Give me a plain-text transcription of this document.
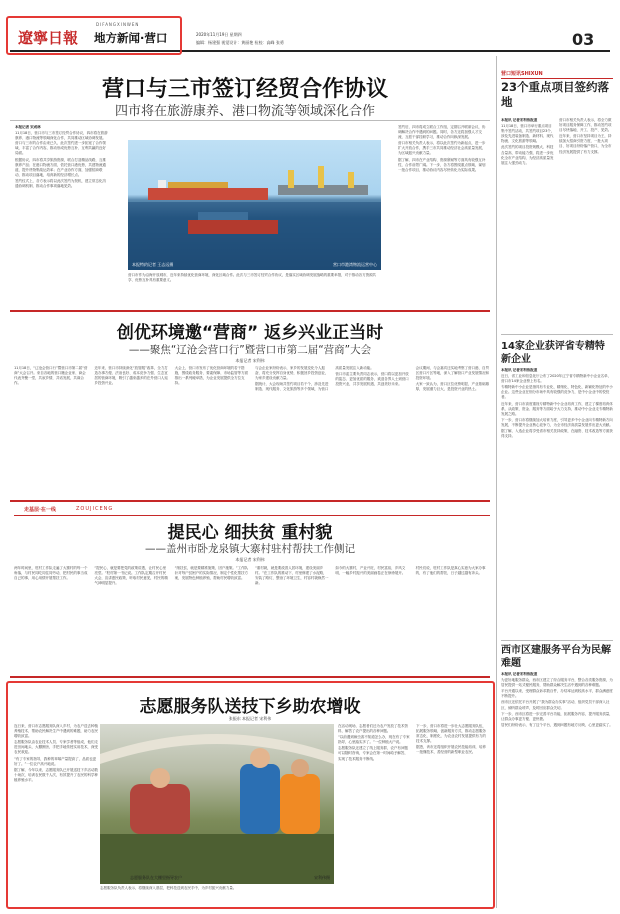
遼寧日報
DIFANGXINWEN
地方新闻·营口	2020年11月19日 星期四
编辑：杨建强 视觉设计：黄丽艳 检校：高峰 张勇	03
营口与三市签订经贸合作协议
四市将在旅游康养、港口物流等领域深化合作

本报记者 宋成林

11月18日，营口市与三市签订经贸合作协议，四市将在旅游康养、港口物流等领域深化合作，共同推动区域协调发展。营口与三市的合作由来已久，此次签约进一步拓宽了合作领域，丰富了合作内容，推动形成优势互补、互利共赢的良好局面。

根据协议，四市将共享旅游资源，联合打造精品线路，互推康养产品；在港口物流方面，依托营口港优势，共建物流通道，提升货物集疏运效率；在产业协作方面，加强招商联动，推动项目落地，培育新的经济增长点。

签约仪式上，各方表示将以此次签约为契机，建立常态化沟通协调机制，推动合作事项落地见效。

营口市港湾物流运营中心
本报特约记者 王志远摄

营口市作为沿海开放城市，近年来持续优化营商环境，深化区域合作。此次与三市签订经贸合作协议，是落实区域协调发展战略的重要举措，对于推动各方资源共享、优势互补具有重要意义。

签约后，四市将成立联合工作组，定期召开联席会议，协调解决合作中遇到的问题。同时，各方还将加强人才交流，互派干部挂职学习，推动合作向纵深发展。

营口市相关负责人表示，将以此次签约为新起点，进一步扩大开放合作，携手三市共同推动经济社会高质量发展，为区域振兴贡献力量。

据了解，四市在产业结构、资源禀赋等方面具有较强互补性，合作前景广阔。下一步，各方将围绕重点领域，谋划一批合作项目，推动协议内容尽快转化为实际成果。

创优环境邀“营商” 返乡兴业正当时
——聚焦“辽沧会营口行”暨营口市第二届“营商”大会
本报记者 宋利伟

11月18日，“辽沧会营口行”暨营口市第二届“营商”大会召开。来自各地的营口籍企业家、商会代表齐聚一堂，共叙乡情，共话发展，共谋合作。

近年来，营口市持续深化“放管服”改革，全力打造办事方便、法治良好、成本竞争力强、生态宜居的营商环境，吸引了越来越多的在外营口人返乡投资兴业。

大会上，营口市发布了优化营商环境的若干措施，围绕政务服务、要素保障、市场监管等方面推出一系列硬举措，为企业发展提供全方位支持。

与会企业家纷纷表示，家乡的发展变化令人振奋，将充分发挥自身优势，积极回乡投资创业，为家乡建设贡献力量。

据统计，大会现场共签约项目若干个，涉及先进制造、现代服务、文化旅游等多个领域，为营口高质量发展注入新动能。

营口市委主要负责同志表示，营口将以更加开放的姿态、更加优质的服务，欢迎各界人士到营口投资兴业，共享发展机遇，共创美好未来。

会议期间，与会嘉宾还实地考察了营口港、自贸区营口片区等地，深入了解营口产业发展情况和投资环境。

大家一致认为，营口区位优势明显，产业基础雄厚，发展潜力巨大，是投资兴业的热土。

走基层·在一线	ZOUJICENG
提民心 细扶贫 重村貌
——盖州市卧龙泉镇大寨村驻村帮扶工作侧记
本报记者 宋利伟

两年时间里，驻村工作队走遍了大寨村的每一个角落，与村民同吃同住同劳动，把村民的事当成自己的事，用心用情开展帮扶工作。

“提民心，就是要把党的政策讲透，让村民心里亮堂。”驻村第一书记说。工作队定期召开村民大会，宣讲惠民政策，听取村民意见，村民的精气神明显提升。

“细扶贫，就是要精准施策，因户施策。”工作队针对每户贫困户的实际情况，制定个性化帮扶方案，发展特色种植养殖，帮助村民增收致富。

“重村貌，就是要改善人居环境，建设美丽乡村。”在工作队的推动下，村里修建了水泥路，安装了路灯，整治了环境卫生，村容村貌焕然一新。

如今的大寨村，产业兴旺，村民富裕，乡风文明，一幅乡村振兴的美丽画卷正在徐徐展开。

村民们说，驻村工作队是真心实意为大家办事的，有了他们的帮扶，日子越过越有奔头。

志愿服务队送技下乡助农增收
张振东 本报记者 宋利伟

连日来，营口市志愿服务队深入乡村，为农户送去种植养殖技术，帮助农民解决生产中遇到的难题，助力农民增收致富。

志愿服务队由农业技术人员、专家学者等组成，他们走进田间地头、大棚圈舍，手把手地传授实用技术，深受农民欢迎。

“有了专家的指导，我种的草莓产量提高了，品质也更好了。”一位农户高兴地说。

据了解，今年以来，志愿服务队已开展送技下乡活动数十场次，培训农民数千人次，有效提升了农民的科学种植养殖水平。

志愿服务队在大棚里指导农户	宋利伟摄

志愿服务队负责人表示，将继续深入基层，把科技送到农民手中，为乡村振兴贡献力量。

在活动现场，志愿者们还为农户发放了技术资料，解答了农户提出的各种问题。

“以前遇到病虫害不知道怎么办，现在有了专家指导，心里踏实多了。”一位种植大户说。

志愿服务队还建立了线上服务群，农户有问题可以随时咨询，专家会在第一时间给予解答，实现了技术服务不断线。

下一步，营口市将进一步壮大志愿服务队伍，拓展服务领域，创新服务方式，推动志愿服务常态化、制度化，为农业农村发展提供有力的技术支撑。

据悉，该市还将组织开展农民技能培训，培养一批懂技术、善经营的新型职业农民。

营口短讯SHIXUN
23个重点项目签约落地

本报讯 记者宋利伟报道

11月18日，营口市举行重点项目集中签约活动，共签约项目23个，涉及先进装备制造、新材料、现代物流、文化旅游等领域。

此次签约的项目投资规模大、科技含量高、带动能力强，将进一步优化全市产业结构，为经济高质量发展注入强劲动力。

营口市相关负责人表示，将全力做好项目服务保障工作，推动签约项目尽快落地、开工、投产、见效。

近年来，营口市坚持项目为王，持续加大招商引资力度，一批大项目、好项目纷纷落户营口，为全市经济发展提供了有力支撑。

14家企业获评省专精特新企业

本报讯 记者宋利伟报道

近日，省工业和信息化厅公布了2020年辽宁省专精特新中小企业名单，营口市14家企业榜上有名。

专精特新中小企业是指具有专业化、精细化、特色化、新颖化特征的中小企业。这些企业在细分市场中具有较强的竞争力，是中小企业中的佼佼者。

近年来，营口市高度重视专精特新中小企业培育工作，建立了梯度培育体系，从政策、资金、服务等方面给予大力支持，推动中小企业走专精特新发展之路。

下一步，营口市将继续加大培育力度，引导更多中小企业向专精特新方向发展，不断提升企业核心竞争力，为全市经济高质量发展作出更大贡献。

据了解，入选企业将享受省市相关扶持政策，在融资、技术改造等方面获得支持。

西市区建服务平台为民解难题

本报讯 记者宋利伟报道

为更好地服务群众，西市区建立了综合服务平台，整合各类服务资源，为居民提供一站式便民服务，帮助群众解决生活中遇到的各种难题。

平台开通以来，受理群众诉求数百件，办结率达到较高水平，群众满意度不断提升。

西市区还依托平台开展了“我为群众办实事”活动，组织党员干部深入社区，倾听群众呼声，及时回应群众关切。

下一步，西市区将进一步完善平台功能，拓展服务内容，提升服务质量，让群众办事更方便、更快捷。

居民们纷纷表示，有了这个平台，遇到问题有地方反映，心里更踏实了。
